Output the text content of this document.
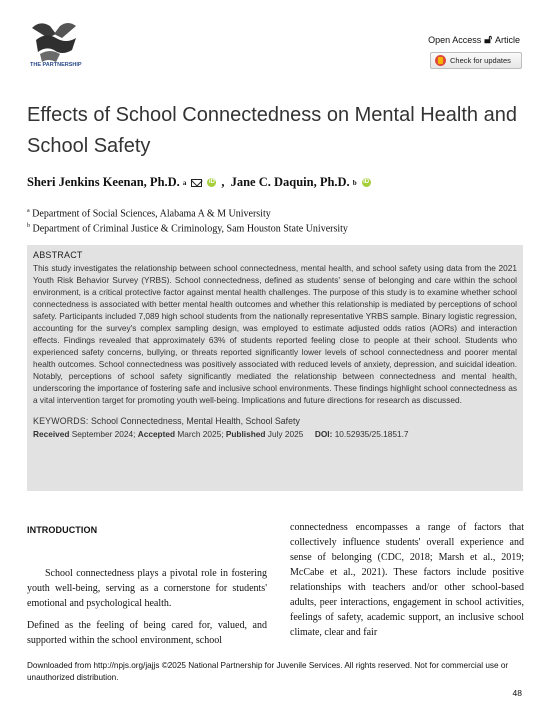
THE PARTNERSHIP
Open Access 🔓︎ Article
Check for updates
Effects of School Connectedness on Mental Health and School Safety
Sheri Jenkins Keenan, Ph.D. a	iD , Jane C. Daquin, Ph.D. b iD
$^a$ Department of Social Sciences, Alabama A & M University
$^b$ Department of Criminal Justice & Criminology, Sam Houston State University
ABSTRACT

This study investigates the relationship between school connectedness, mental health, and school safety using data from the 2021 Youth Risk Behavior Survey (YRBS). School connectedness, defined as students' sense of belonging and care within the school environment, is a critical protective factor against mental health challenges. The purpose of this study is to examine whether school connectedness is associated with better mental health outcomes and whether this relationship is mediated by perceptions of school safety. Participants included 7,089 high school students from the nationally representative YRBS sample. Binary logistic regression, accounting for the survey's complex sampling design, was employed to estimate adjusted odds ratios (AORs) and interaction effects. Findings revealed that approximately 63% of students reported feeling close to people at their school. Students who experienced safety concerns, bullying, or threats reported significantly lower levels of school connectedness and poorer mental health outcomes. School connectedness was positively associated with reduced levels of anxiety, depression, and suicidal ideation. Notably, perceptions of school safety significantly mediated the relationship between connectedness and mental health, underscoring the importance of fostering safe and inclusive school environments. These findings highlight school connectedness as a vital intervention target for promoting youth well-being. Implications and future directions for research as discussed.

KEYWORDS: School Connectedness, Mental Health, School Safety
Received September 2024; Accepted March 2025; Published July 2025 DOI: 10.52935/25.1851.7
INTRODUCTION

School connectedness plays a pivotal role in fostering youth well-being, serving as a cornerstone for students' emotional and psychological health.

Defined as the feeling of being cared for, valued, and supported within the school environment, school

connectedness encompasses a range of factors that collectively influence students' overall experience and sense of belonging (CDC, 2018; Marsh et al., 2019; McCabe et al., 2021). These factors include positive relationships with teachers and/or other school-based adults, peer interactions, engagement in school activities, feelings of safety, academic support, an inclusive school climate, clear and fair

Downloaded from http://npjs.org/jajjs ©2025 National Partnership for Juvenile Services. All rights reserved. Not for commercial use or unauthorized distribution.
48
